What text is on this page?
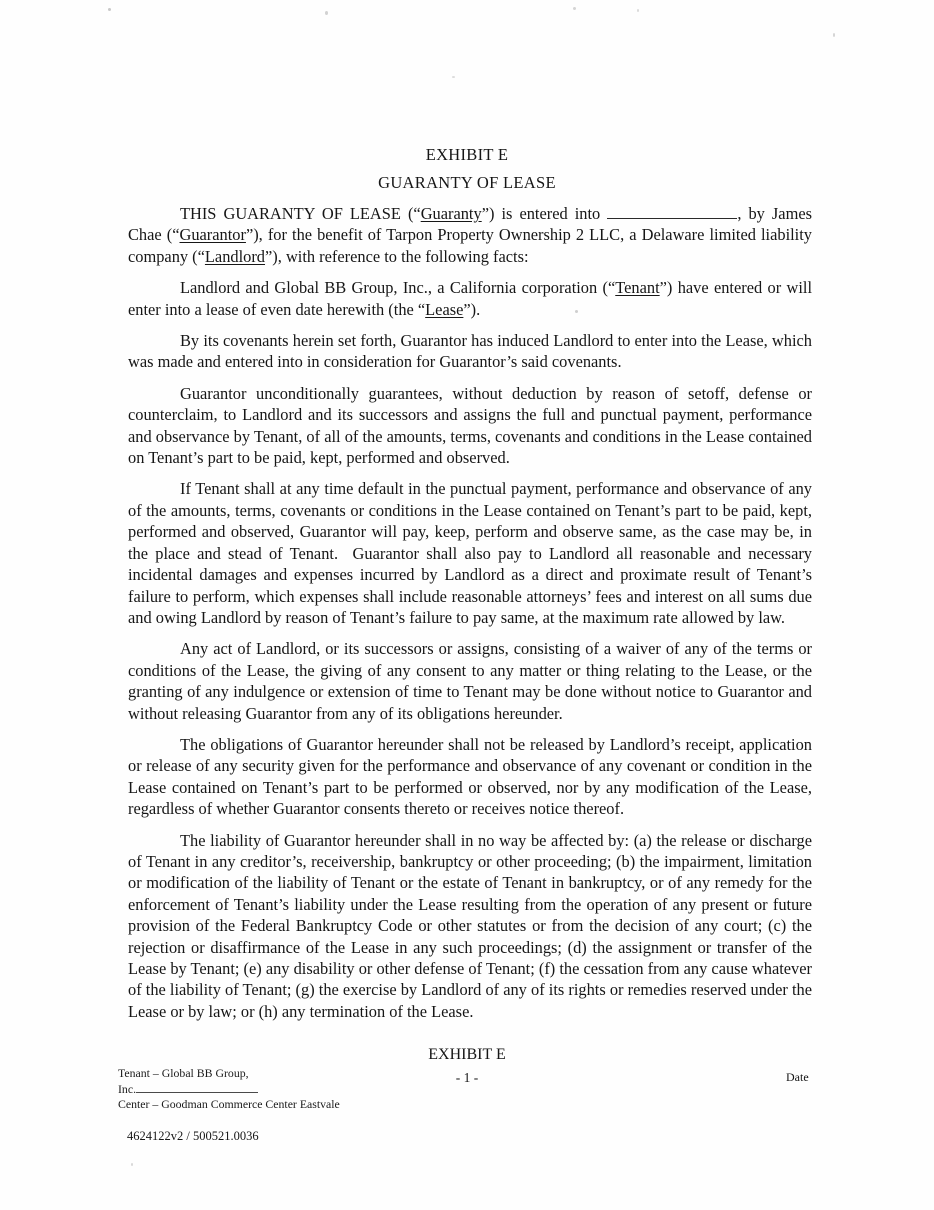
EXHIBIT E
GUARANTY OF LEASE

THIS GUARANTY OF LEASE (“Guaranty”) is entered into	, by James Chae (“Guarantor”), for the benefit of Tarpon Property Ownership 2 LLC, a Delaware limited liability company (“Landlord”), with reference to the following facts:

Landlord and Global BB Group, Inc., a California corporation (“Tenant”) have entered or will enter into a lease of even date herewith (the “Lease”).

By its covenants herein set forth, Guarantor has induced Landlord to enter into the Lease, which was made and entered into in consideration for Guarantor’s said covenants.

Guarantor unconditionally guarantees, without deduction by reason of setoff, defense or counterclaim, to Landlord and its successors and assigns the full and punctual payment, performance and observance by Tenant, of all of the amounts, terms, covenants and conditions in the Lease contained on Tenant’s part to be paid, kept, performed and observed.

If Tenant shall at any time default in the punctual payment, performance and observance of any of the amounts, terms, covenants or conditions in the Lease contained on Tenant’s part to be paid, kept, performed and observed, Guarantor will pay, keep, perform and observe same, as the case may be, in the place and stead of Tenant.  Guarantor shall also pay to Landlord all reasonable and necessary incidental damages and expenses incurred by Landlord as a direct and proximate result of Tenant’s failure to perform, which expenses shall include reasonable attorneys’ fees and interest on all sums due and owing Landlord by reason of Tenant’s failure to pay same, at the maximum rate allowed by law.

Any act of Landlord, or its successors or assigns, consisting of a waiver of any of the terms or conditions of the Lease, the giving of any consent to any matter or thing relating to the Lease, or the granting of any indulgence or extension of time to Tenant may be done without notice to Guarantor and without releasing Guarantor from any of its obligations hereunder.

The obligations of Guarantor hereunder shall not be released by Landlord’s receipt, application or release of any security given for the performance and observance of any covenant or condition in the Lease contained on Tenant’s part to be performed or observed, nor by any modification of the Lease, regardless of whether Guarantor consents thereto or receives notice thereof.

The liability of Guarantor hereunder shall in no way be affected by: (a) the release or discharge of Tenant in any creditor’s, receivership, bankruptcy or other proceeding; (b) the impairment, limitation or modification of the liability of Tenant or the estate of Tenant in bankruptcy, or of any remedy for the enforcement of Tenant’s liability under the Lease resulting from the operation of any present or future provision of the Federal Bankruptcy Code or other statutes or from the decision of any court; (c) the rejection or disaffirmance of the Lease in any such proceedings; (d) the assignment or transfer of the Lease by Tenant; (e) any disability or other defense of Tenant; (f) the cessation from any cause whatever of the liability of Tenant; (g) the exercise by Landlord of any of its rights or remedies reserved under the Lease or by law; or (h) any termination of the Lease.

EXHIBIT E
- 1 -
Tenant – Global BB Group,
Inc.
Center – Goodman Commerce Center Eastvale
Date
4624122v2 / 500521.0036
